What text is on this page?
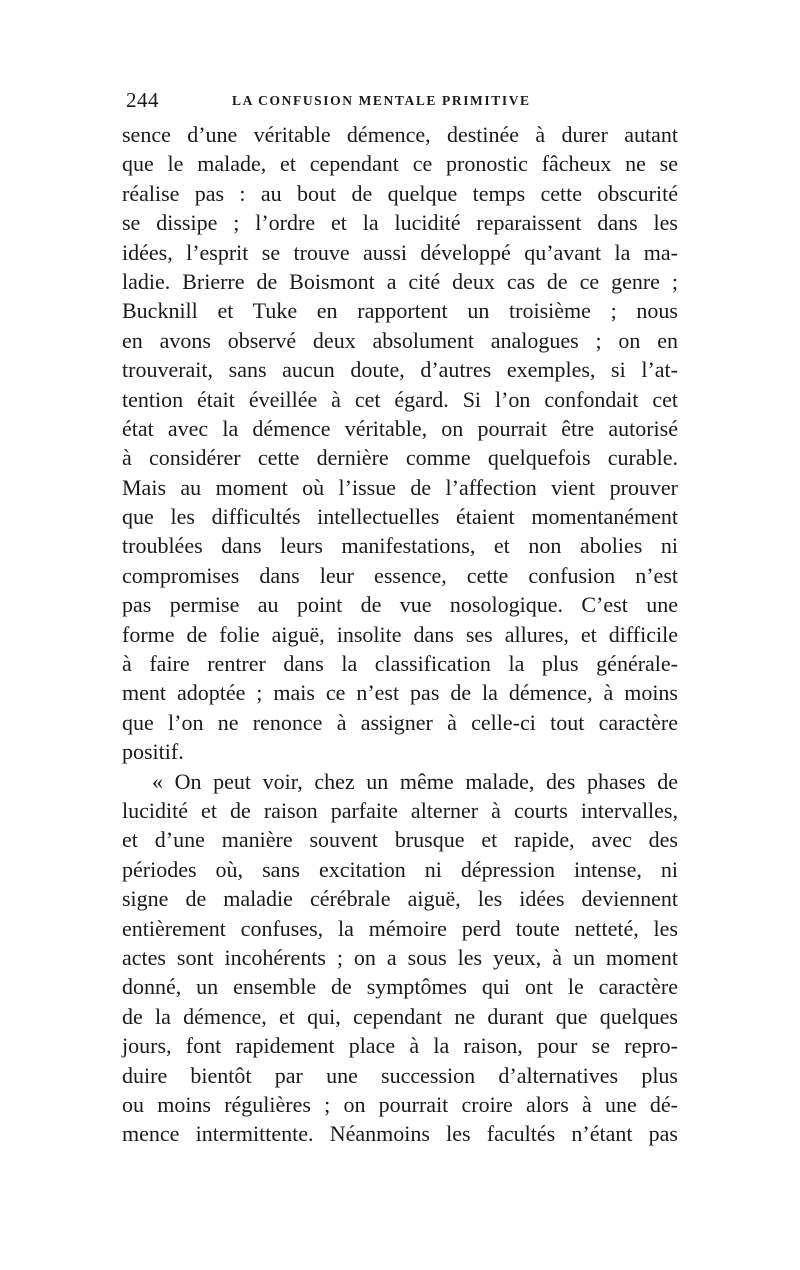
244	LA CONFUSION MENTALE PRIMITIVE
sence d’une véritable démence, destinée à durer autant
que le malade, et cependant ce pronostic fâcheux ne se
réalise pas : au bout de quelque temps cette obscurité
se dissipe ; l’ordre et la lucidité reparaissent dans les
idées, l’esprit se trouve aussi développé qu’avant la ma-
ladie. Brierre de Boismont a cité deux cas de ce genre ;
Bucknill et Tuke en rapportent un troisième ; nous
en avons observé deux absolument analogues ; on en
trouverait, sans aucun doute, d’autres exemples, si l’at-
tention était éveillée à cet égard. Si l’on confondait cet
état avec la démence véritable, on pourrait être autorisé
à considérer cette dernière comme quelquefois curable.
Mais au moment où l’issue de l’affection vient prouver
que les difficultés intellectuelles étaient momentanément
troublées dans leurs manifestations, et non abolies ni
compromises dans leur essence, cette confusion n’est
pas permise au point de vue nosologique. C’est une
forme de folie aiguë, insolite dans ses allures, et difficile
à faire rentrer dans la classification la plus générale-
ment adoptée ; mais ce n’est pas de la démence, à moins
que l’on ne renonce à assigner à celle-ci tout caractère
positif.
« On peut voir, chez un même malade, des phases de
lucidité et de raison parfaite alterner à courts intervalles,
et d’une manière souvent brusque et rapide, avec des
périodes où, sans excitation ni dépression intense, ni
signe de maladie cérébrale aiguë, les idées deviennent
entièrement confuses, la mémoire perd toute netteté, les
actes sont incohérents ; on a sous les yeux, à un moment
donné, un ensemble de symptômes qui ont le caractère
de la démence, et qui, cependant ne durant que quelques
jours, font rapidement place à la raison, pour se repro-
duire bientôt par une succession d’alternatives plus
ou moins régulières ; on pourrait croire alors à une dé-
mence intermittente. Néanmoins les facultés n’étant pas
